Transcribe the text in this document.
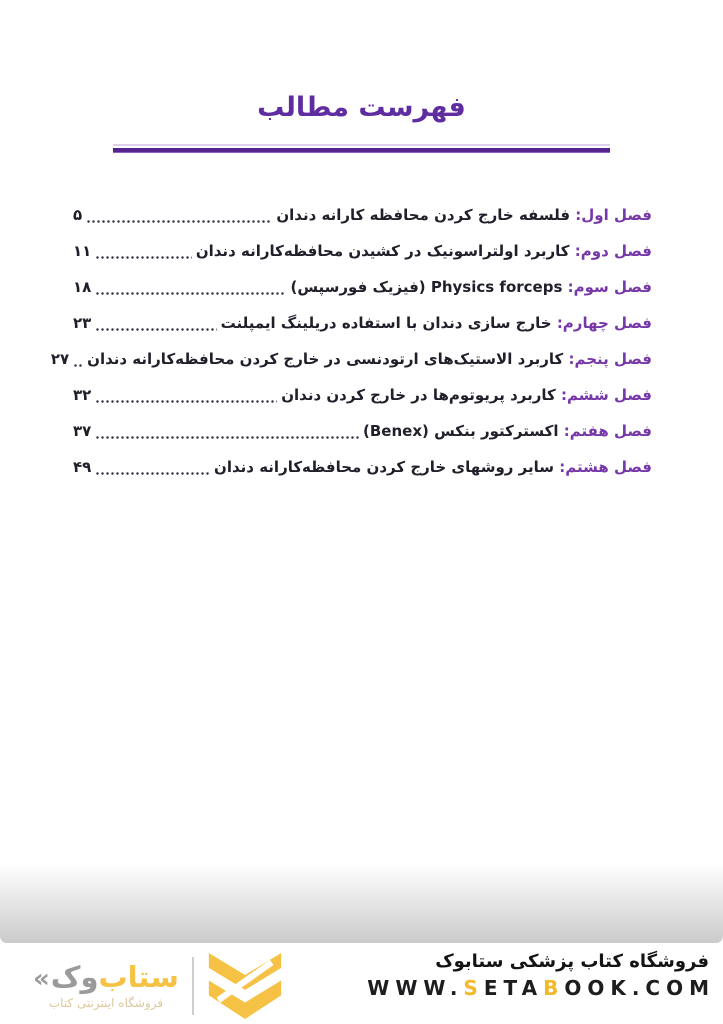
فهرست مطالب
فصل اول: فلسفه خارج کردن محافظه کارانه دندان
۵
فصل دوم: کاربرد اولتراسونیک در کشیدن محافظه‌کارانه دندان
۱۱
فصل سوم: Physics forceps (فیزیک فورسپس)
۱۸
فصل چهارم: خارج سازی دندان با استفاده دریلینگ ایمپلنت
۲۳
فصل پنجم: کاربرد الاستیک‌های ارتودنسی در خارج کردن محافظه‌کارانه دندان
۲۷
فصل ششم: کاربرد پریوتوم‌ها در خارج کردن دندان
۳۲
فصل هفتم: اکسترکتور بنکس (Benex)
۳۷
فصل هشتم: سایر روشهای خارج کردن محافظه‌کارانه دندان
۴۹
ستاب
وک
«
فروشگاه اینترنتی کتاب
فروشگاه کتاب پزشکی ستابوک
WWW.SETABOOK.COM
